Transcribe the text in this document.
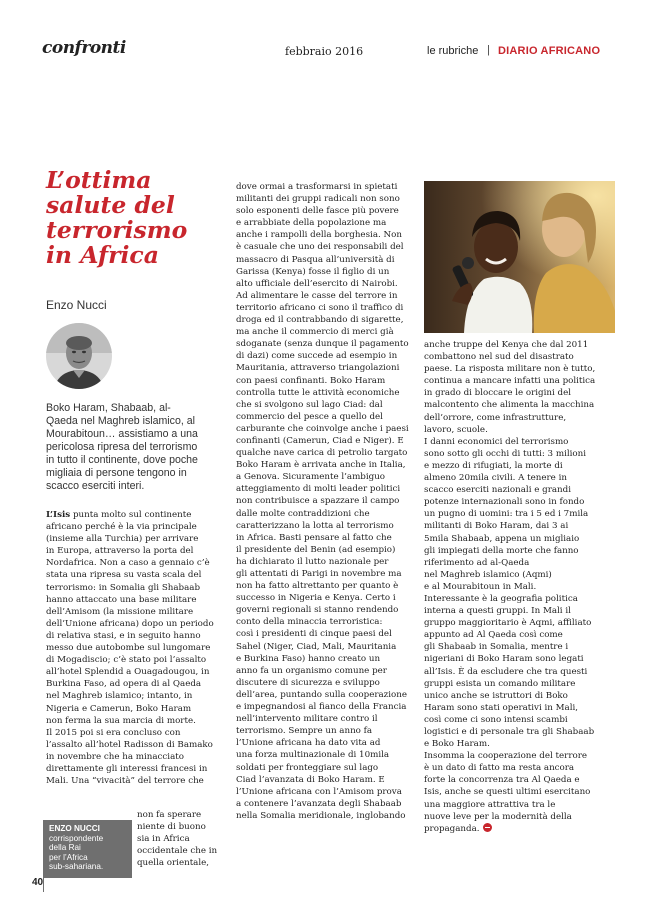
confronti	febbraio 2016	le rubriche | DIARIO AFRICANO
L’ottima
salute del
terrorismo
in Africa
Enzo Nucci
Boko Haram, Shabaab, al-
Qaeda nel Maghreb islamico, al
Mourabitoun… assistiamo a una
pericolosa ripresa del terrorismo
in tutto il continente, dove poche
migliaia di persone tengono in
scacco eserciti interi.
L’Isis punta molto sul continente
africano perché è la via principale
(insieme alla Turchia) per arrivare
in Europa, attraverso la porta del
Nordafrica. Non a caso a gennaio c’è
stata una ripresa su vasta scala del
terrorismo: in Somalia gli Shabaab
hanno attaccato una base militare
dell’Amisom (la missione militare
dell’Unione africana) dopo un periodo
di relativa stasi, e in seguito hanno
messo due autobombe sul lungomare
di Mogadiscio; c’è stato poi l’assalto
all’hotel Splendid a Ouagadougou, in
Burkina Faso, ad opera di al Qaeda
nel Maghreb islamico; intanto, in
Nigeria e Camerun, Boko Haram
non ferma la sua marcia di morte.
Il 2015 poi si era concluso con
l’assalto all’hotel Radisson di Bamako
in novembre che ha minacciato
direttamente gli interessi francesi in
Mali. Una “vivacità” del terrore che
non fa sperare
niente di buono
sia in Africa
occidentale che in
quella orientale,
ENZO NUCCI
corrispondente
della Rai
per l’Africa
sub-sahariana.
40
dove ormai a trasformarsi in spietati
militanti dei gruppi radicali non sono
solo esponenti delle fasce più povere
e arrabbiate della popolazione ma
anche i rampolli della borghesia. Non
è casuale che uno dei responsabili del
massacro di Pasqua all’università di
Garissa (Kenya) fosse il figlio di un
alto ufficiale dell’esercito di Nairobi.
Ad alimentare le casse del terrore in
territorio africano ci sono il traffico di
droga ed il contrabbando di sigarette,
ma anche il commercio di merci già
sdoganate (senza dunque il pagamento
di dazi) come succede ad esempio in
Mauritania, attraverso triangolazioni
con paesi confinanti. Boko Haram
controlla tutte le attività economiche
che si svolgono sul lago Ciad: dal
commercio del pesce a quello del
carburante che coinvolge anche i paesi
confinanti (Camerun, Ciad e Niger). E
qualche nave carica di petrolio targato
Boko Haram è arrivata anche in Italia,
a Genova. Sicuramente l’ambiguo
atteggiamento di molti leader politici
non contribuisce a spazzare il campo
dalle molte contraddizioni che
caratterizzano la lotta al terrorismo
in Africa. Basti pensare al fatto che
il presidente del Benin (ad esempio)
ha dichiarato il lutto nazionale per
gli attentati di Parigi in novembre ma
non ha fatto altrettanto per quanto è
successo in Nigeria e Kenya. Certo i
governi regionali si stanno rendendo
conto della minaccia terroristica:
così i presidenti di cinque paesi del
Sahel (Niger, Ciad, Mali, Mauritania
e Burkina Faso) hanno creato un
anno fa un organismo comune per
discutere di sicurezza e sviluppo
dell’area, puntando sulla cooperazione
e impegnandosi al fianco della Francia
nell’intervento militare contro il
terrorismo. Sempre un anno fa
l’Unione africana ha dato vita ad
una forza multinazionale di 10mila
soldati per fronteggiare sul lago
Ciad l’avanzata di Boko Haram. E
l’Unione africana con l’Amisom prova
a contenere l’avanzata degli Shabaab
nella Somalia meridionale, inglobando
anche truppe del Kenya che dal 2011
combattono nel sud del disastrato
paese. La risposta militare non è tutto,
continua a mancare infatti una politica
in grado di bloccare le origini del
malcontento che alimenta la macchina
dell’orrore, come infrastrutture,
lavoro, scuole.
I danni economici del terrorismo
sono sotto gli occhi di tutti: 3 milioni
e mezzo di rifugiati, la morte di
almeno 20mila civili. A tenere in
scacco eserciti nazionali e grandi
potenze internazionali sono in fondo
un pugno di uomini: tra i 5 ed i 7mila
militanti di Boko Haram, dai 3 ai
5mila Shabaab, appena un migliaio
gli impiegati della morte che fanno
riferimento ad al-Qaeda
nel Maghreb islamico (Aqmi)
e al Mourabitoun in Mali.
Interessante è la geografia politica
interna a questi gruppi. In Mali il
gruppo maggioritario è Aqmi, affiliato
appunto ad Al Qaeda così come
gli Shabaab in Somalia, mentre i
nigeriani di Boko Haram sono legati
all’Isis. È da escludere che tra questi
gruppi esista un comando militare
unico anche se istruttori di Boko
Haram sono stati operativi in Mali,
così come ci sono intensi scambi
logistici e di personale tra gli Shabaab
e Boko Haram.
Insomma la cooperazione del terrore
è un dato di fatto ma resta ancora
forte la concorrenza tra Al Qaeda e
Isis, anche se questi ultimi esercitano
una maggiore attrattiva tra le
nuove leve per la modernità della
propaganda.
